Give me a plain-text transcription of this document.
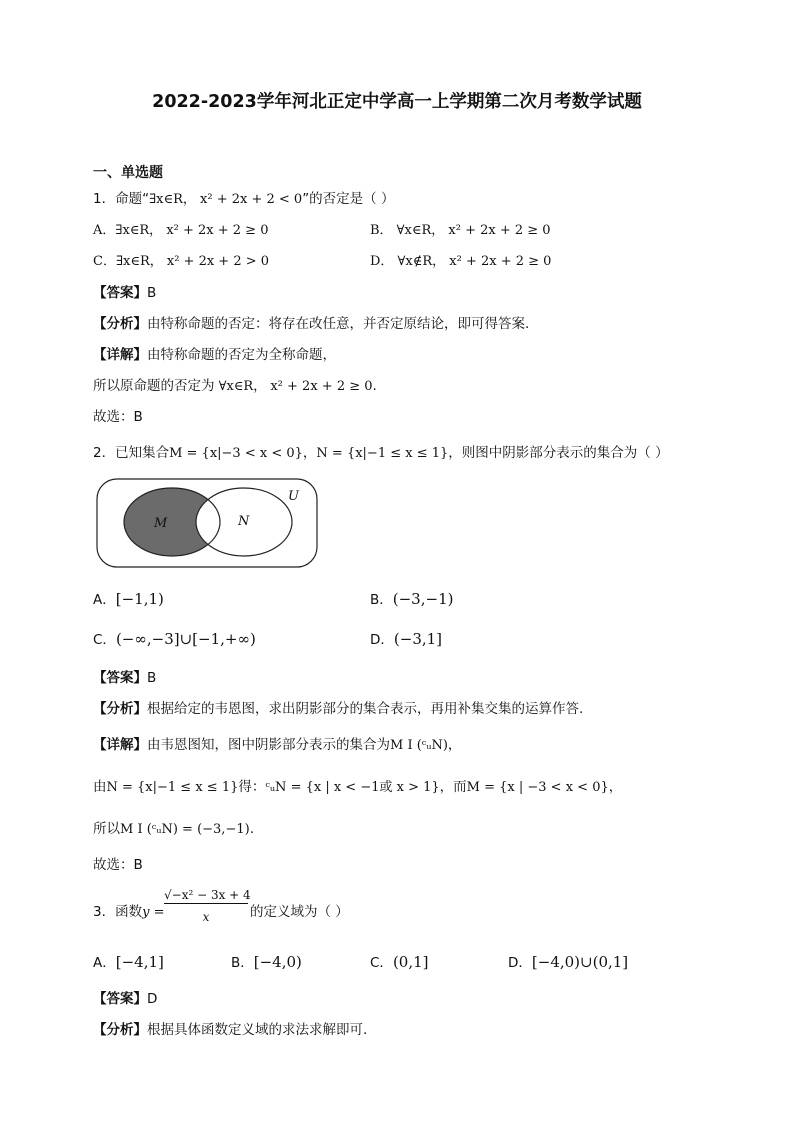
2022-2023学年河北正定中学高一上学期第二次月考数学试题
一、单选题
1．命题“∃x∈R， x² + 2x + 2 < 0”的否定是（ ）
A．∃x∈R， x² + 2x + 2 ≥ 0	B． ∀x∈R， x² + 2x + 2 ≥ 0
C．∃x∈R， x² + 2x + 2 > 0	D． ∀x∉R， x² + 2x + 2 ≥ 0
【答案】B
【分析】由特称命题的否定：将存在改任意，并否定原结论，即可得答案.
【详解】由特称命题的否定为全称命题，
所以原命题的否定为 ∀x∈R， x² + 2x + 2 ≥ 0.
故选：B
2．已知集合M = {x|−3 < x < 0}，N = {x|−1 ≤ x ≤ 1}，则图中阴影部分表示的集合为（ ）
M	N
U
A．[−1,1)	B．(−3,−1)
C．(−∞,−3]∪[−1,+∞)	D．(−3,1]
【答案】B
【分析】根据给定的韦恩图，求出阴影部分的集合表示，再用补集交集的运算作答.
【详解】由韦恩图知，图中阴影部分表示的集合为M I (ᶜᵤN)，
由N = {x|−1 ≤ x ≤ 1}得：ᶜᵤN = {x | x < −1或 x > 1}，而M = {x | −3 < x < 0}，
所以M I (ᶜᵤN) = (−3,−1).
故选：B
3．函数y =
√−x² − 3x + 4
x	的定义域为（ ）
A．[−4,1]	B．[−4,0)	C．(0,1]	D．[−4,0)∪(0,1]
【答案】D
【分析】根据具体函数定义域的求法求解即可.
